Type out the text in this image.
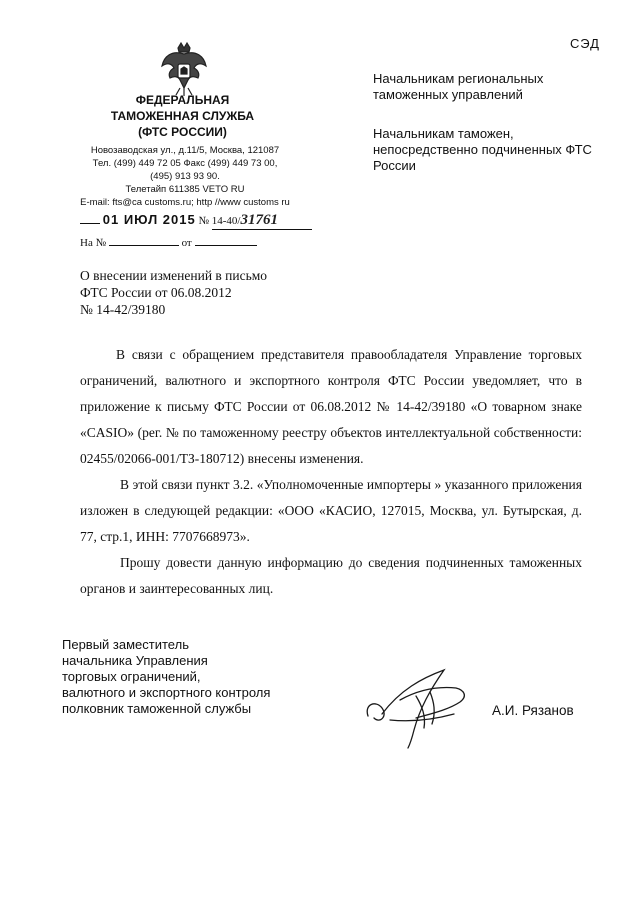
СЭД
ФЕДЕРАЛЬНАЯ
ТАМОЖЕННАЯ СЛУЖБА
(ФТС РОССИИ)
Новозаводская ул., д.11/5, Москва, 121087
Тел. (499) 449 72 05 Факс (499) 449 73 00,
(495) 913 93 90.
Телетайп 611385 VETO RU
E-mail: fts@ca customs.ru; http //www customs ru
Начальникам региональных таможенных управлений
Начальникам таможен, непосредственно подчиненных ФТС России
01 ИЮЛ 2015 № 14-40/31761
На №	от
О внесении изменений в письмо
ФТС России от 06.08.2012
№ 14-42/39180

В связи с обращением представителя правообладателя Управление торговых ограничений, валютного и экспортного контроля ФТС России уведомляет, что в приложение к письму ФТС России от 06.08.2012 № 14-42/39180 «О товарном знаке «CASIO» (рег. № по таможенному реестру объектов интеллектуальной собственности: 02455/02066-001/ТЗ-180712) внесены изменения.

В этой связи пункт 3.2. «Уполномоченные импортеры » указанного приложения изложен в следующей редакции: «ООО «КАСИО, 127015, Москва, ул. Бутырская, д. 77, стр.1, ИНН: 7707668973».

Прошу довести данную информацию до сведения подчиненных таможенных органов и заинтересованных лиц.

Первый заместитель
начальника Управления
торговых ограничений,
валютного и экспортного контроля
полковник таможенной службы	А.И. Рязанов
